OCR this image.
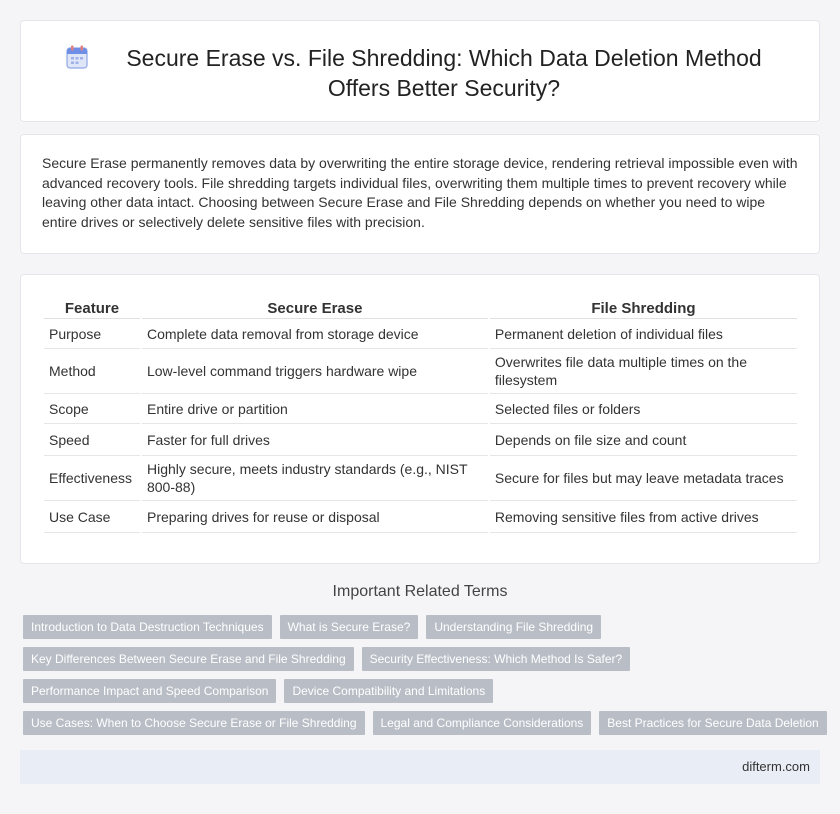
Secure Erase vs. File Shredding: Which Data Deletion Method Offers Better Security?

Secure Erase permanently removes data by overwriting the entire storage device, rendering retrieval impossible even with advanced recovery tools. File shredding targets individual files, overwriting them multiple times to prevent recovery while leaving other data intact. Choosing between Secure Erase and File Shredding depends on whether you need to wipe entire drives or selectively delete sensitive files with precision.

Feature	Secure Erase	File Shredding
Purpose	Complete data removal from storage device	Permanent deletion of individual files
Method	Low-level command triggers hardware wipe	Overwrites file data multiple times on the filesystem
Scope	Entire drive or partition	Selected files or folders
Speed	Faster for full drives	Depends on file size and count
Effectiveness	Highly secure, meets industry standards (e.g., NIST 800-88)	Secure for files but may leave metadata traces
Use Case	Preparing drives for reuse or disposal	Removing sensitive files from active drives
Important Related Terms
Introduction to Data Destruction Techniques	What is Secure Erase?	Understanding File Shredding
Key Differences Between Secure Erase and File Shredding	Security Effectiveness: Which Method Is Safer?
Performance Impact and Speed Comparison	Device Compatibility and Limitations
Use Cases: When to Choose Secure Erase or File Shredding	Legal and Compliance Considerations	Best Practices for Secure Data Deletion
difterm.com
